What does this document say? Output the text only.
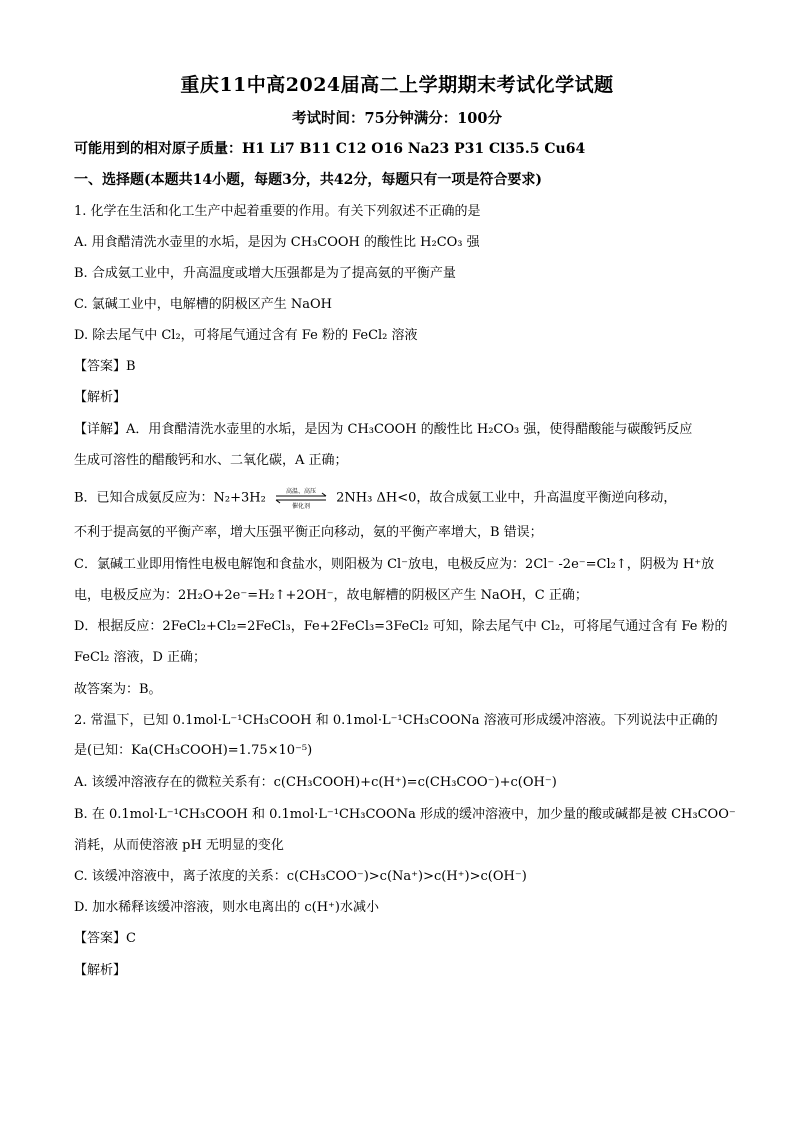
重庆11中高2024届高二上学期期末考试化学试题
考试时间：75分钟满分：100分
可能用到的相对原子质量：H1 Li7 B11 C12 O16 Na23 P31 Cl35.5 Cu64
一、选择题(本题共14小题，每题3分，共42分，每题只有一项是符合要求)
1. 化学在生活和化工生产中起着重要的作用。有关下列叙述不正确的是
A. 用食醋清洗水壶里的水垢，是因为 CH₃COOH 的酸性比 H₂CO₃ 强
B. 合成氨工业中，升高温度或增大压强都是为了提高氨的平衡产量
C. 氯碱工业中，电解槽的阴极区产生 NaOH
D. 除去尾气中 Cl₂，可将尾气通过含有 Fe 粉的 FeCl₂ 溶液
【答案】B
【解析】
【详解】A．用食醋清洗水壶里的水垢，是因为 CH₃COOH 的酸性比 H₂CO₃ 强，使得醋酸能与碳酸钙反应
生成可溶性的醋酸钙和水、二氧化碳，A 正确；
B．已知合成氨反应为：N₂+3H₂	高温、高压
催化剂
2NH₃ ΔH<0，故合成氨工业中，升高温度平衡逆向移动，
不利于提高氨的平衡产率，增大压强平衡正向移动，氨的平衡产率增大，B 错误；
C．氯碱工业即用惰性电极电解饱和食盐水，则阳极为 Cl⁻放电，电极反应为：2Cl⁻ -2e⁻=Cl₂↑，阴极为 H⁺放
电，电极反应为：2H₂O+2e⁻=H₂↑+2OH⁻，故电解槽的阴极区产生 NaOH，C 正确；
D．根据反应：2FeCl₂+Cl₂=2FeCl₃，Fe+2FeCl₃=3FeCl₂ 可知，除去尾气中 Cl₂，可将尾气通过含有 Fe 粉的
FeCl₂ 溶液，D 正确；
故答案为：B。
2. 常温下，已知 0.1mol·L⁻¹CH₃COOH 和 0.1mol·L⁻¹CH₃COONa 溶液可形成缓冲溶液。下列说法中正确的
是(已知：Ka(CH₃COOH)=1.75×10⁻⁵)
A. 该缓冲溶液存在的微粒关系有：c(CH₃COOH)+c(H⁺)=c(CH₃COO⁻)+c(OH⁻)
B. 在 0.1mol·L⁻¹CH₃COOH 和 0.1mol·L⁻¹CH₃COONa 形成的缓冲溶液中，加少量的酸或碱都是被 CH₃COO⁻
消耗，从而使溶液 pH 无明显的变化
C. 该缓冲溶液中，离子浓度的关系：c(CH₃COO⁻)>c(Na⁺)>c(H⁺)>c(OH⁻)
D. 加水稀释该缓冲溶液，则水电离出的 c(H⁺)水减小
【答案】C
【解析】
